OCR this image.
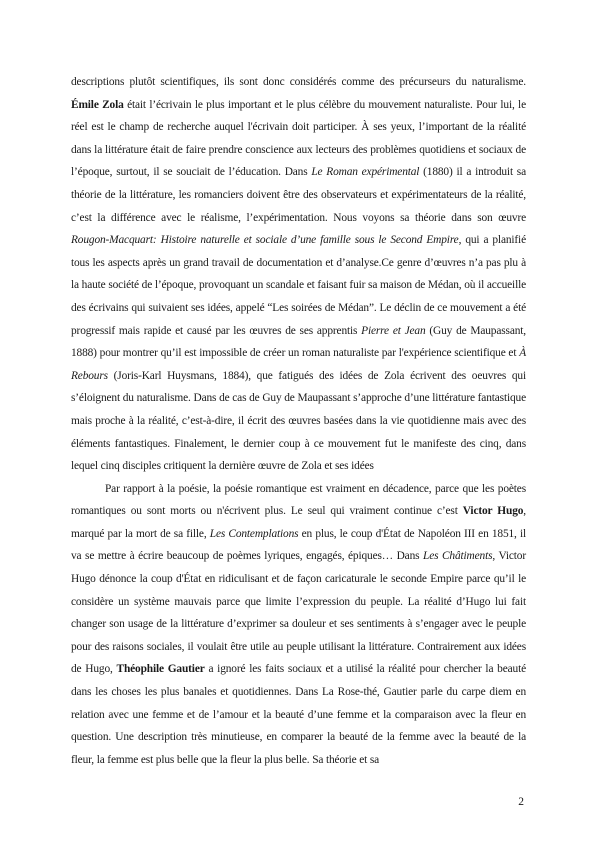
descriptions plutôt scientifiques, ils sont donc considérés comme des précurseurs du naturalisme. Émile Zola était l’écrivain le plus important et le plus célèbre du mouvement naturaliste. Pour lui, le réel est le champ de recherche auquel l'écrivain doit participer. À ses yeux, l’important de la réalité dans la littérature était de faire prendre conscience aux lecteurs des problèmes quotidiens et sociaux de l’époque, surtout, il se souciait de l’éducation. Dans Le Roman expérimental (1880) il a introduit sa théorie de la littérature, les romanciers doivent être des observateurs et expérimentateurs de la réalité, c’est la différence avec le réalisme, l’expérimentation. Nous voyons sa théorie dans son œuvre Rougon-Macquart: Histoire naturelle et sociale d’une famille sous le Second Empire, qui a planifié tous les aspects après un grand travail de documentation et d’analyse.Ce genre d’œuvres n’a pas plu à la haute société de l’époque, provoquant un scandale et faisant fuir sa maison de Médan, où il accueille des écrivains qui suivaient ses idées, appelé “Les soirées de Médan”. Le déclin de ce mouvement a été progressif mais rapide et causé par les œuvres de ses apprentis Pierre et Jean (Guy de Maupassant, 1888) pour montrer qu’il est impossible de créer un roman naturaliste par l'expérience scientifique et À Rebours (Joris-Karl Huysmans, 1884), que fatigués des idées de Zola écrivent des oeuvres qui s’éloignent du naturalisme. Dans de cas de Guy de Maupassant s’approche d’une littérature fantastique mais proche à la réalité, c’est-à-dire, il écrit des œuvres basées dans la vie quotidienne mais avec des éléments fantastiques. Finalement, le dernier coup à ce mouvement fut le manifeste des cinq, dans lequel cinq disciples critiquent la dernière œuvre de Zola et ses idées

Par rapport à la poésie, la poésie romantique est vraiment en décadence, parce que les poètes romantiques ou sont morts ou n'écrivent plus. Le seul qui vraiment continue c’est Victor Hugo, marqué par la mort de sa fille, Les Contemplations en plus, le coup d'État de Napoléon III en 1851, il va se mettre à écrire beaucoup de poèmes lyriques, engagés, épiques… Dans Les Châtiments, Victor Hugo dénonce la coup d'État en ridiculisant et de façon caricaturale le seconde Empire parce qu’il le considère un système mauvais parce que limite l’expression du peuple. La réalité d’Hugo lui fait changer son usage de la littérature d’exprimer sa douleur et ses sentiments à s’engager avec le peuple pour des raisons sociales, il voulait être utile au peuple utilisant la littérature. Contrairement aux idées de Hugo, Théophile Gautier a ignoré les faits sociaux et a utilisé la réalité pour chercher la beauté dans les choses les plus banales et quotidiennes. Dans La Rose-thé, Gautier parle du carpe diem en relation avec une femme et de l’amour et la beauté d’une femme et la comparaison avec la fleur en question. Une description très minutieuse, en comparer la beauté de la femme avec la beauté de la fleur, la femme est plus belle que la fleur la plus belle. Sa théorie et sa

2
